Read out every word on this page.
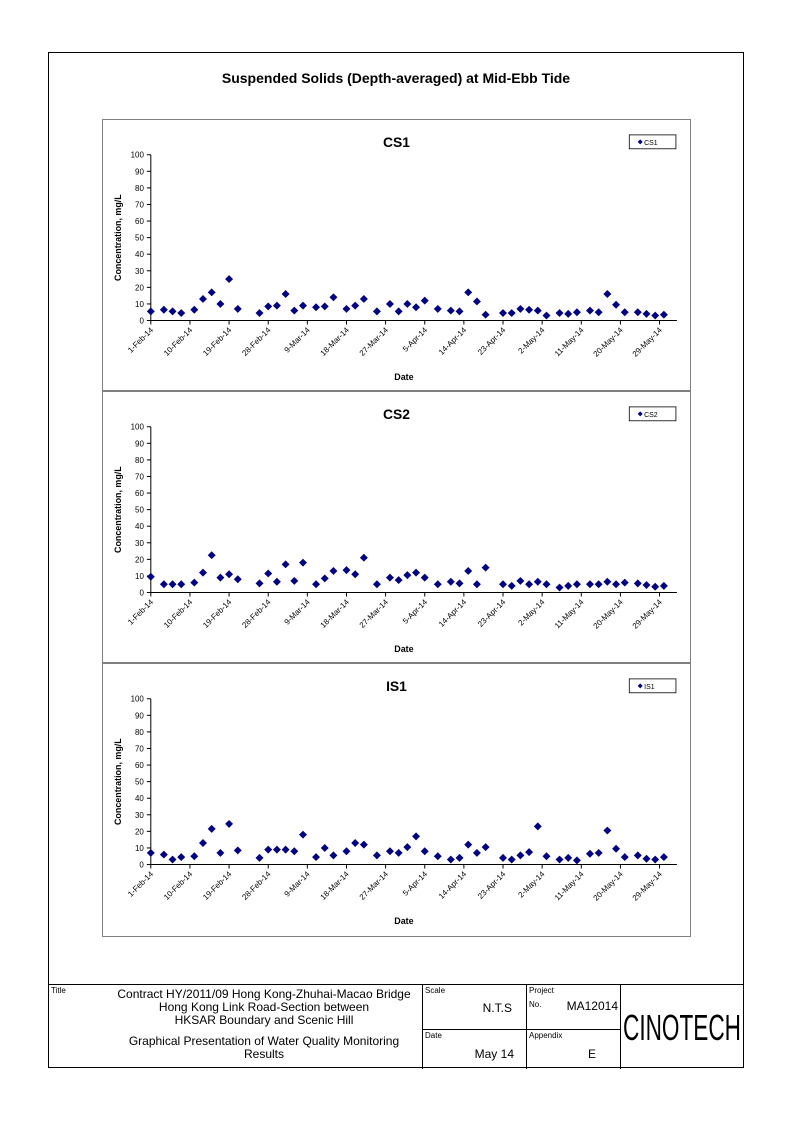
Suspended Solids (Depth-averaged) at Mid-Ebb Tide
CS1
0
10
20
30
40
50
60
70
80
90
100
1-Feb-14 10-Feb-14 19-Feb-14 28-Feb-14 9-Mar-14 18-Mar-14 27-Mar-14 5-Apr-14 14-Apr-14 23-Apr-14 2-May-14 11-May-14 20-May-14 29-May-14
Date
Concentration, mg/L
CS1
CS2
0
10
20
30
40
50
60
70
80
90
100
1-Feb-14 10-Feb-14 19-Feb-14 28-Feb-14 9-Mar-14 18-Mar-14 27-Mar-14 5-Apr-14 14-Apr-14 23-Apr-14 2-May-14 11-May-14 20-May-14 29-May-14
Date
Concentration, mg/L
CS2
IS1
0
10
20
30
40
50
60
70
80
90
100
1-Feb-14 10-Feb-14 19-Feb-14 28-Feb-14 9-Mar-14 18-Mar-14 27-Mar-14 5-Apr-14 14-Apr-14 23-Apr-14 2-May-14 11-May-14 20-May-14 29-May-14
Date
Concentration, mg/L
IS1
Title	Contract HY/2011/09 Hong Kong-Zhuhai-Macao Bridge
Hong Kong Link Road-Section between
HKSAR Boundary and Scenic Hill
Graphical Presentation of Water Quality Monitoring
Results
Scale
N.T.S
Date
May 14
Project
No.	MA12014
Appendix
E
CINOTECH
